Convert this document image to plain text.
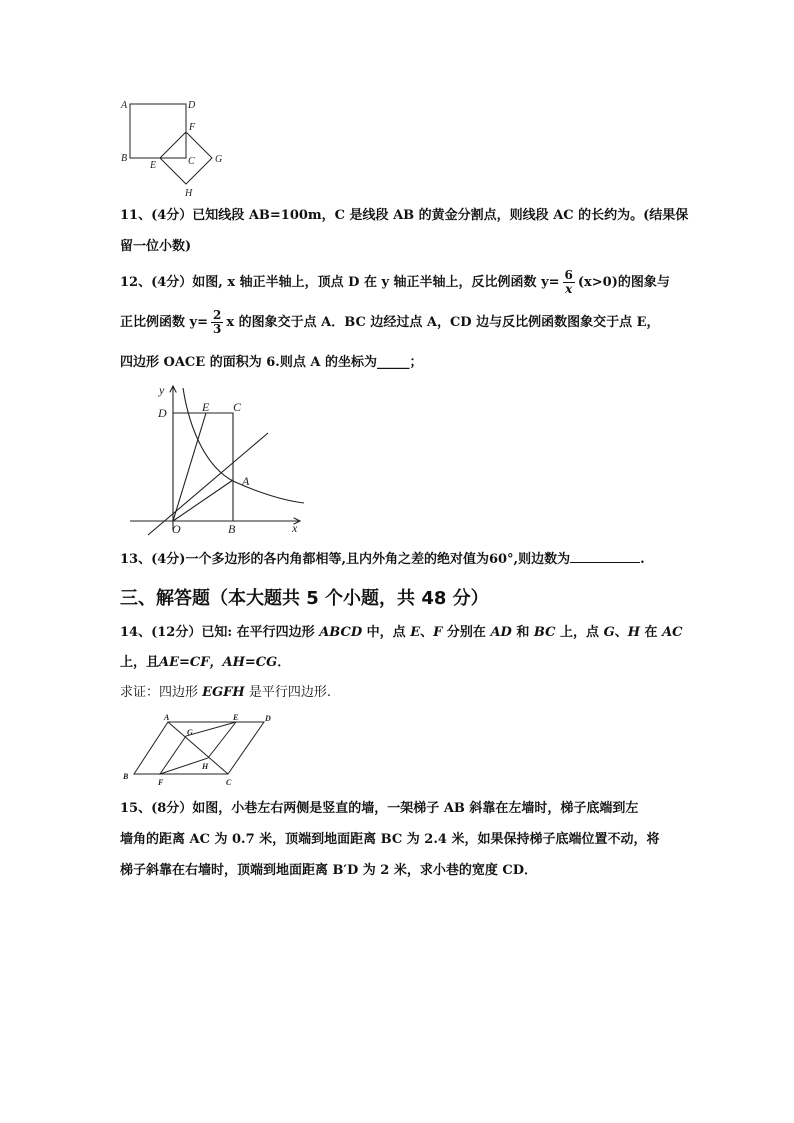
A	D
F
B
E	C G
H
11、(4分）已知线段 AB=100m，C 是线段 AB 的黄金分割点，则线段 AC 的长约为。(结果保
留一位小数)
12、(4分）如图, x 轴正半轴上，顶点 D 在 y 轴正半轴上，反比例函数 $y= \frac{6}{x} (x>0)$的图象与
正比例函数 $y= \frac{2}{3}$ x 的图象交于点 A．BC 边经过点 A，CD 边与反比例函数图象交于点 E，
四边形 OACE 的面积为 6.则点 A 的坐标为_____；
y
x
D	E C
A
O	B
13、(4分)一个多边形的各内角都相等,且内外角之差的绝对值为60°,则边数为	.
三、解答题（本大题共 5 个小题，共 48 分）
14、(12分）已知: 在平行四边形 ABCD 中，点 E、F 分别在 AD 和 BC 上，点 G、H 在 AC
上，且AE=CF，AH=CG．
求证：四边形 EGFH 是平行四边形.
A	E	D
G
H
B
F	C
15、(8分）如图，小巷左右两侧是竖直的墙，一架梯子 AB 斜靠在左墙时，梯子底端到左
墙角的距离 AC 为 0.7 米，顶端到地面距离 BC 为 2.4 米，如果保持梯子底端位置不动，将
梯子斜靠在右墙时，顶端到地面距离 B′D 为 2 米，求小巷的宽度 CD．
